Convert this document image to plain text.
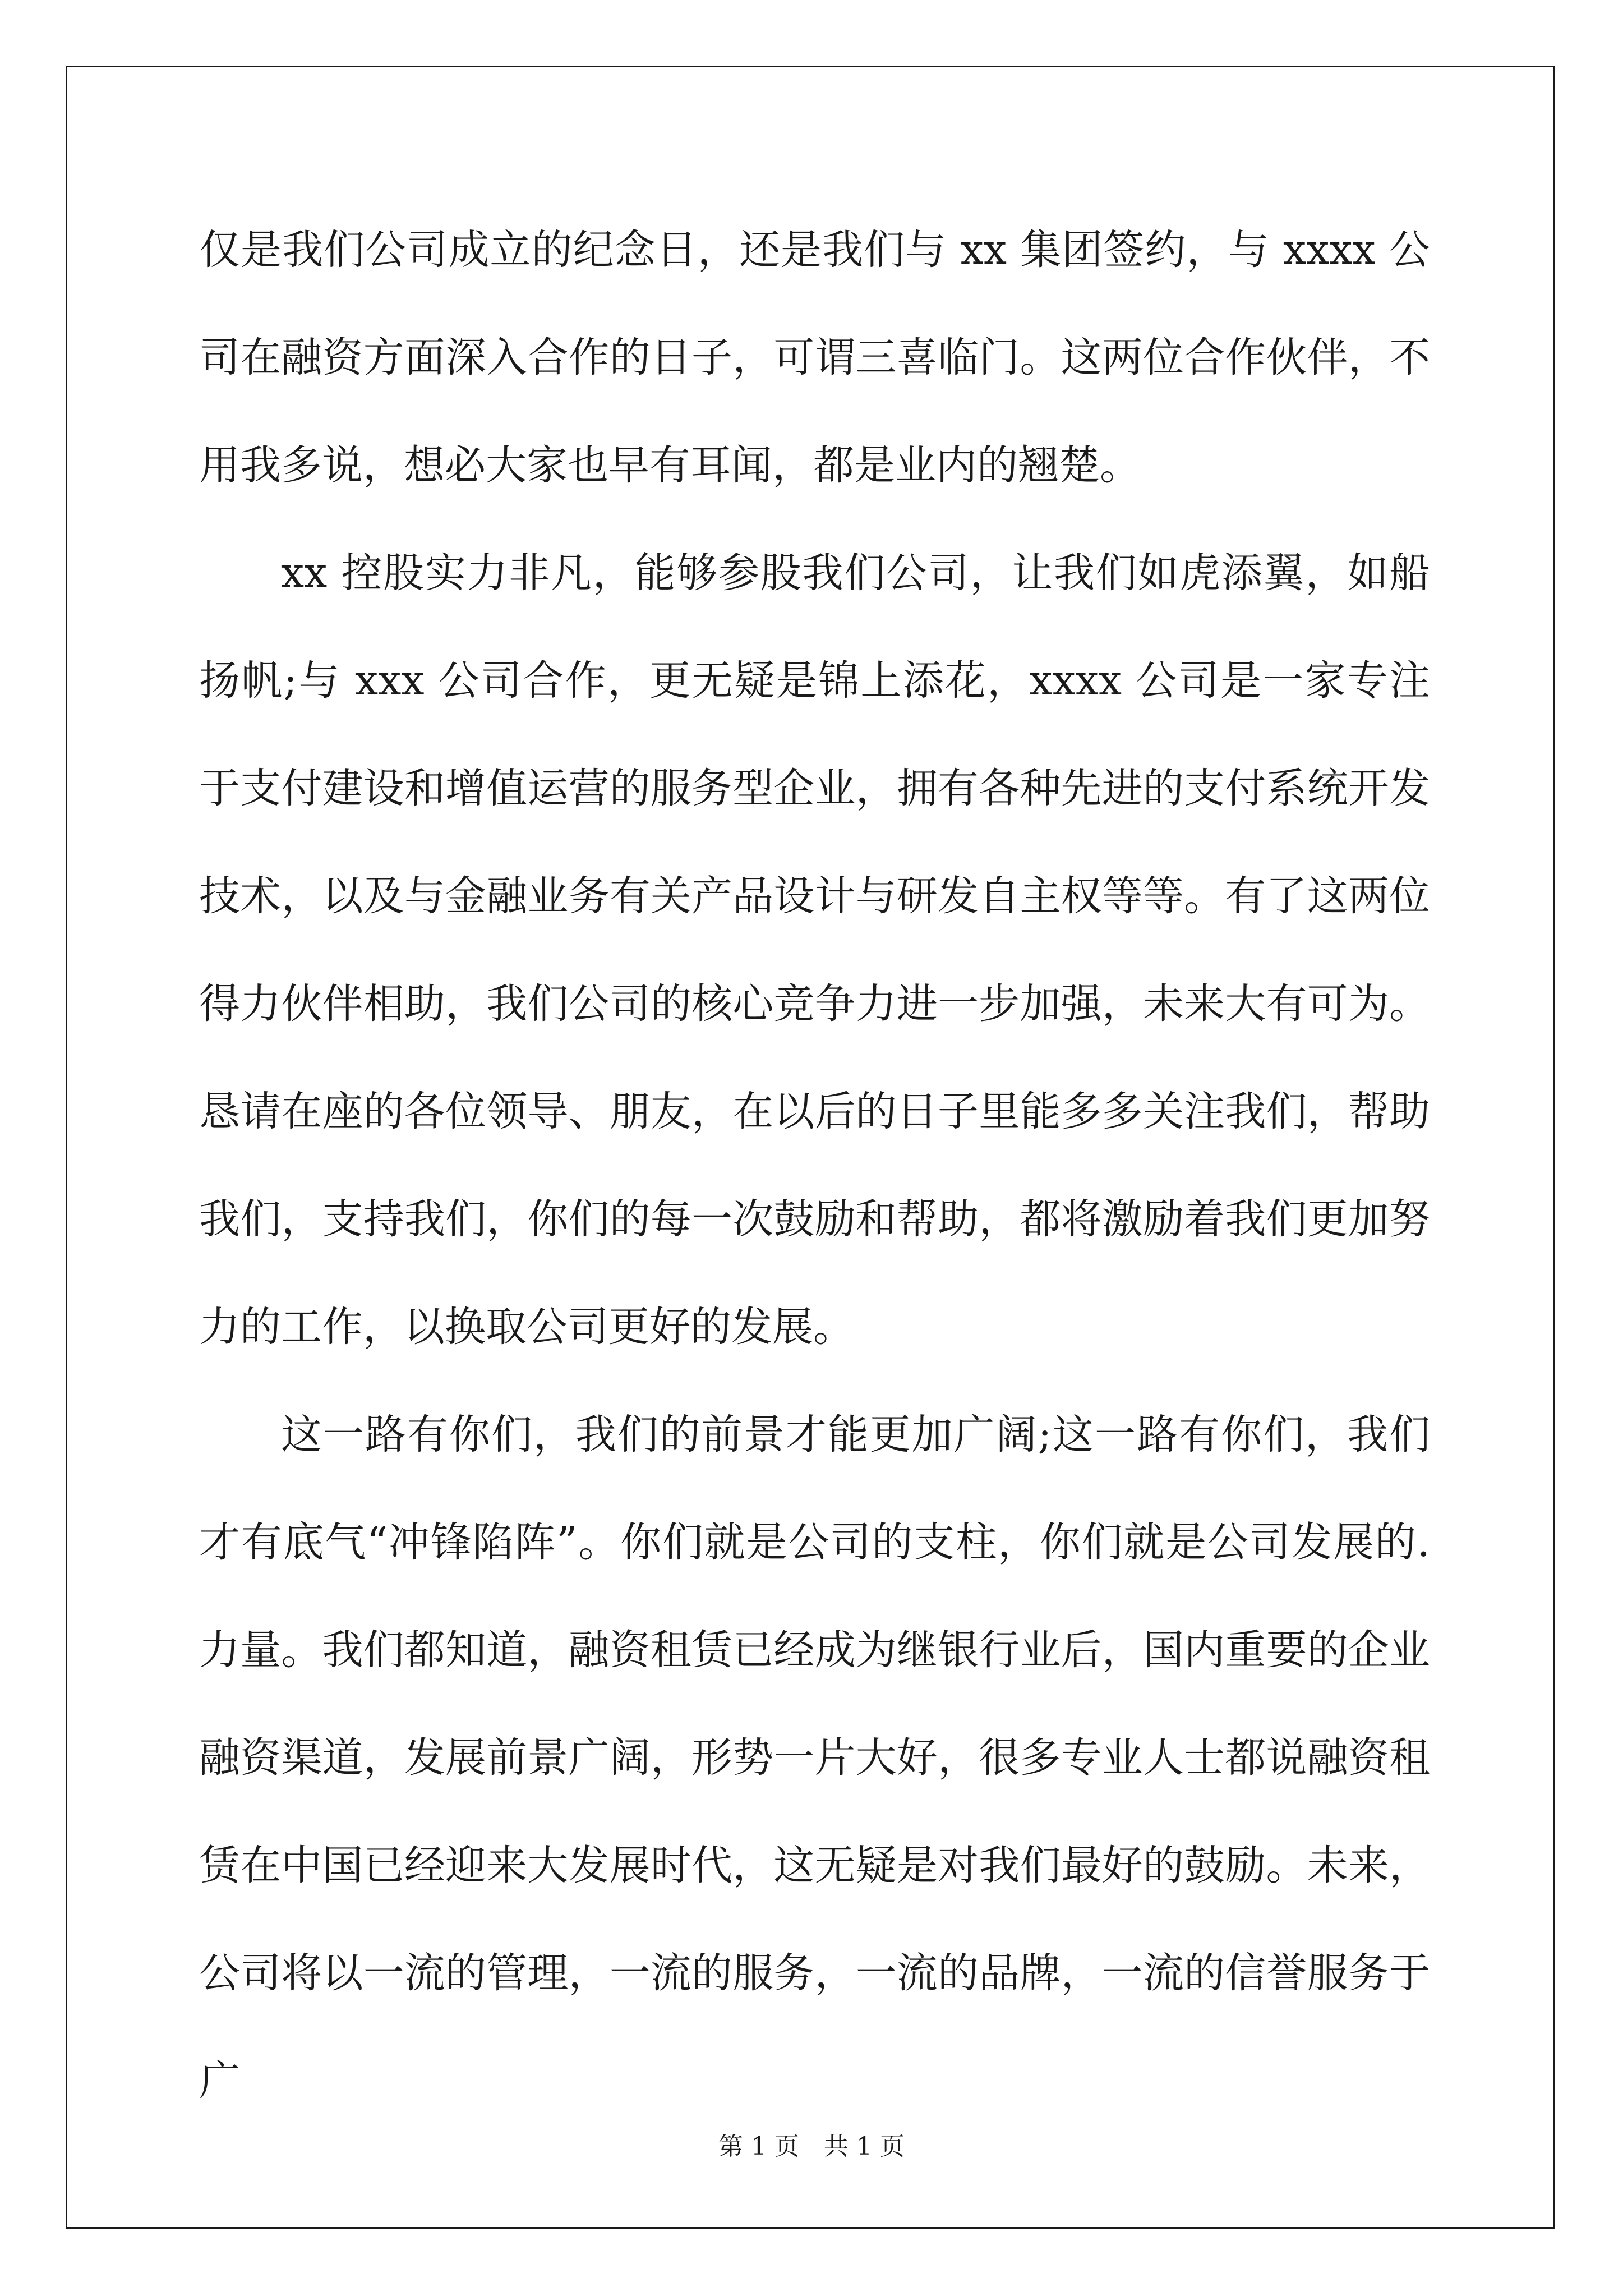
仅是我们公司成立的纪念日，还是我们与 xx 集团签约，与 xxxx 公司在融资方面深入合作的日子，可谓三喜临门。这两位合作伙伴，不用我多说，想必大家也早有耳闻，都是业内的翘楚。

xx 控股实力非凡，能够参股我们公司，让我们如虎添翼，如船扬帆;与 xxx 公司合作，更无疑是锦上添花，xxxx 公司是一家专注于支付建设和增值运营的服务型企业，拥有各种先进的支付系统开发技术，以及与金融业务有关产品设计与研发自主权等等。有了这两位得力伙伴相助，我们公司的核心竞争力进一步加强，未来大有可为。恳请在座的各位领导、朋友，在以后的日子里能多多关注我们，帮助我们，支持我们，你们的每一次鼓励和帮助，都将激励着我们更加努力的工作，以换取公司更好的发展。

这一路有你们，我们的前景才能更加广阔;这一路有你们，我们才有底气“冲锋陷阵”。你们就是公司的支柱，你们就是公司发展的.力量。我们都知道，融资租赁已经成为继银行业后，国内重要的企业融资渠道，发展前景广阔，形势一片大好，很多专业人士都说融资租赁在中国已经迎来大发展时代，这无疑是对我们最好的鼓励。未来，公司将以一流的管理，一流的服务，一流的品牌，一流的信誉服务于广

第 1 页　共 1 页
